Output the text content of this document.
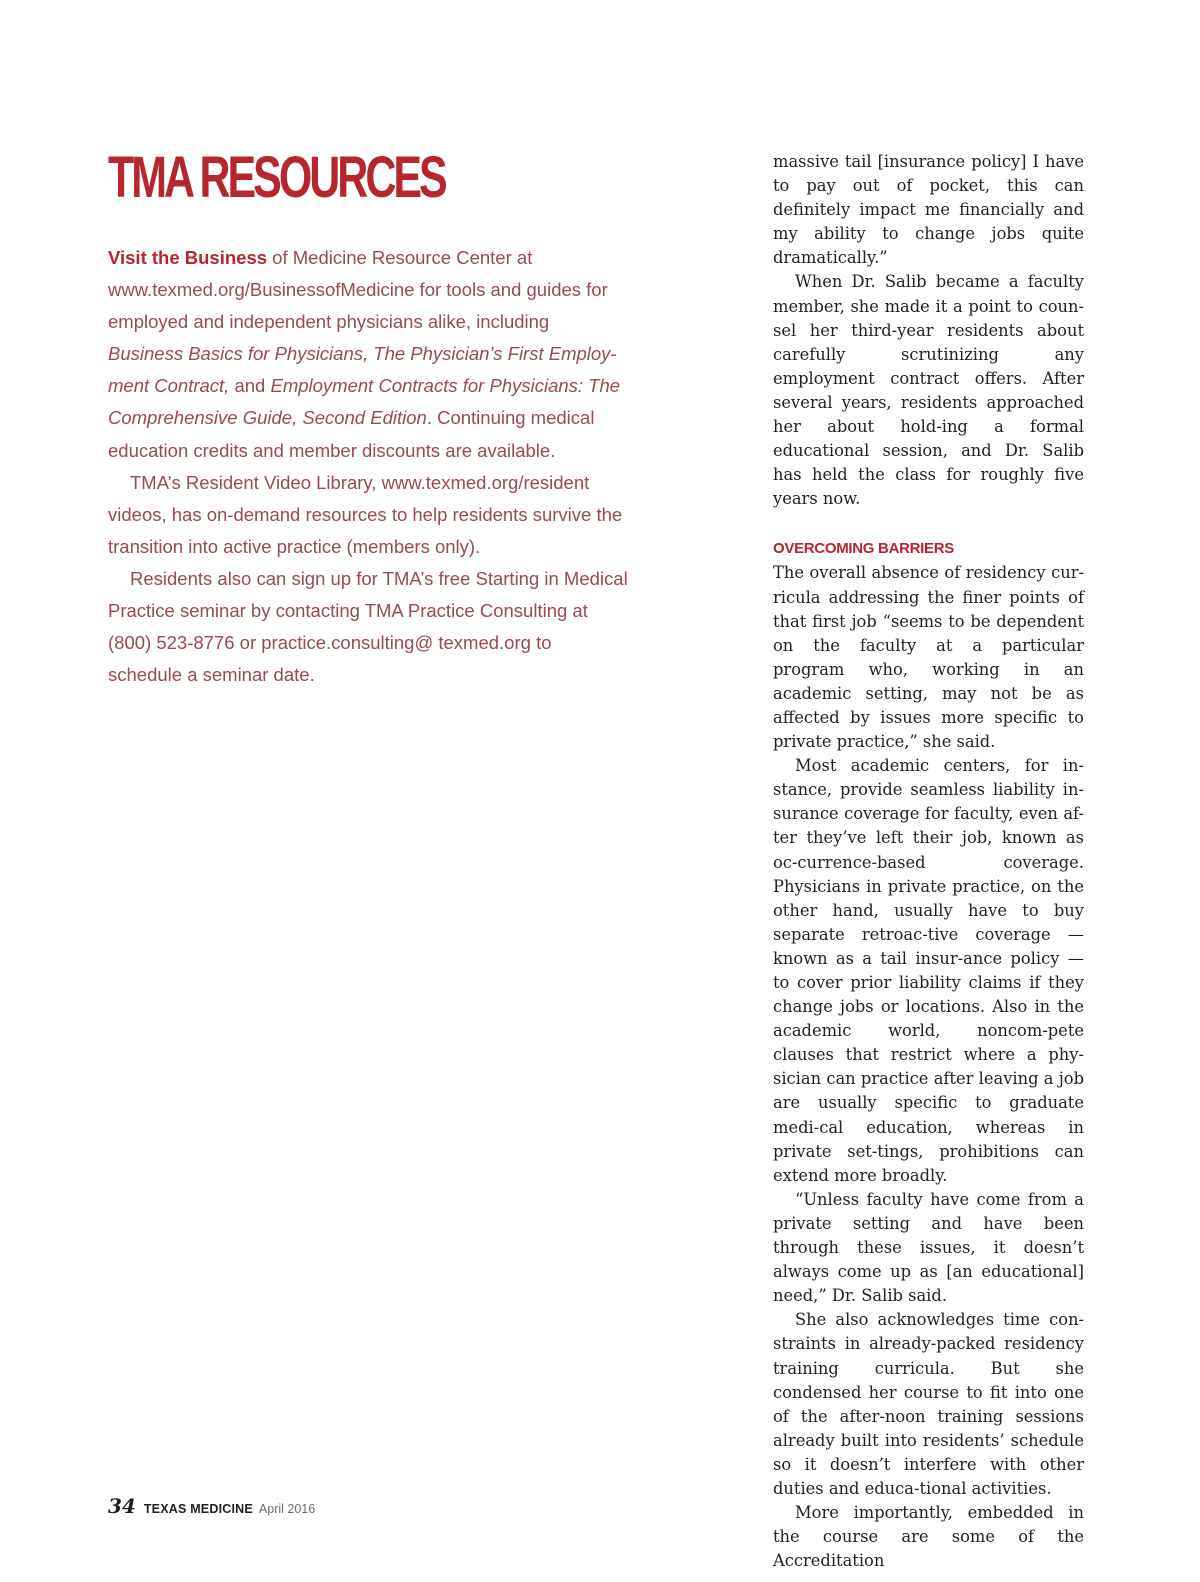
TMA RESOURCES

Visit the Business of Medicine Resource Center at www.texmed.org/BusinessofMedicine for tools and guides for employed and independent physicians alike, including Business Basics for Physicians, The Physician’s First Employ-ment Contract, and Employment Contracts for Physicians: The Comprehensive Guide, Second Edition. Continuing medical education credits and member discounts are available.

TMA’s Resident Video Library, www.texmed.org/resident videos, has on-demand resources to help residents survive the transition into active practice (members only).

Residents also can sign up for TMA’s free Starting in Medical Practice seminar by contacting TMA Practice Consulting at (800) 523-8776 or practice.consulting@ texmed.org to schedule a seminar date.

massive tail [insurance policy] I have to pay out of pocket, this can definitely impact me financially and my ability to change jobs quite dramatically.”

When Dr. Salib became a faculty member, she made it a point to coun-sel her third-year residents about carefully scrutinizing any employment contract offers. After several years, residents approached her about hold-ing a formal educational session, and Dr. Salib has held the class for roughly five years now.

OVERCOMING BARRIERS

The overall absence of residency cur-ricula addressing the finer points of that first job “seems to be dependent on the faculty at a particular program who, working in an academic setting, may not be as affected by issues more specific to private practice,” she said.

Most academic centers, for in-stance, provide seamless liability in-surance coverage for faculty, even af-ter they’ve left their job, known as oc-currence-based coverage. Physicians in private practice, on the other hand, usually have to buy separate retroac-tive coverage — known as a tail insur-ance policy — to cover prior liability claims if they change jobs or locations. Also in the academic world, noncom-pete clauses that restrict where a phy-sician can practice after leaving a job are usually specific to graduate medi-cal education, whereas in private set-tings, prohibitions can extend more broadly.

“Unless faculty have come from a private setting and have been through these issues, it doesn’t always come up as [an educational] need,” Dr. Salib said.

She also acknowledges time con-straints in already-packed residency training curricula. But she condensed her course to fit into one of the after-noon training sessions already built into residents’ schedule so it doesn’t interfere with other duties and educa-tional activities.

More importantly, embedded in the course are some of the Accreditation

34 TEXAS MEDICINE April 2016
